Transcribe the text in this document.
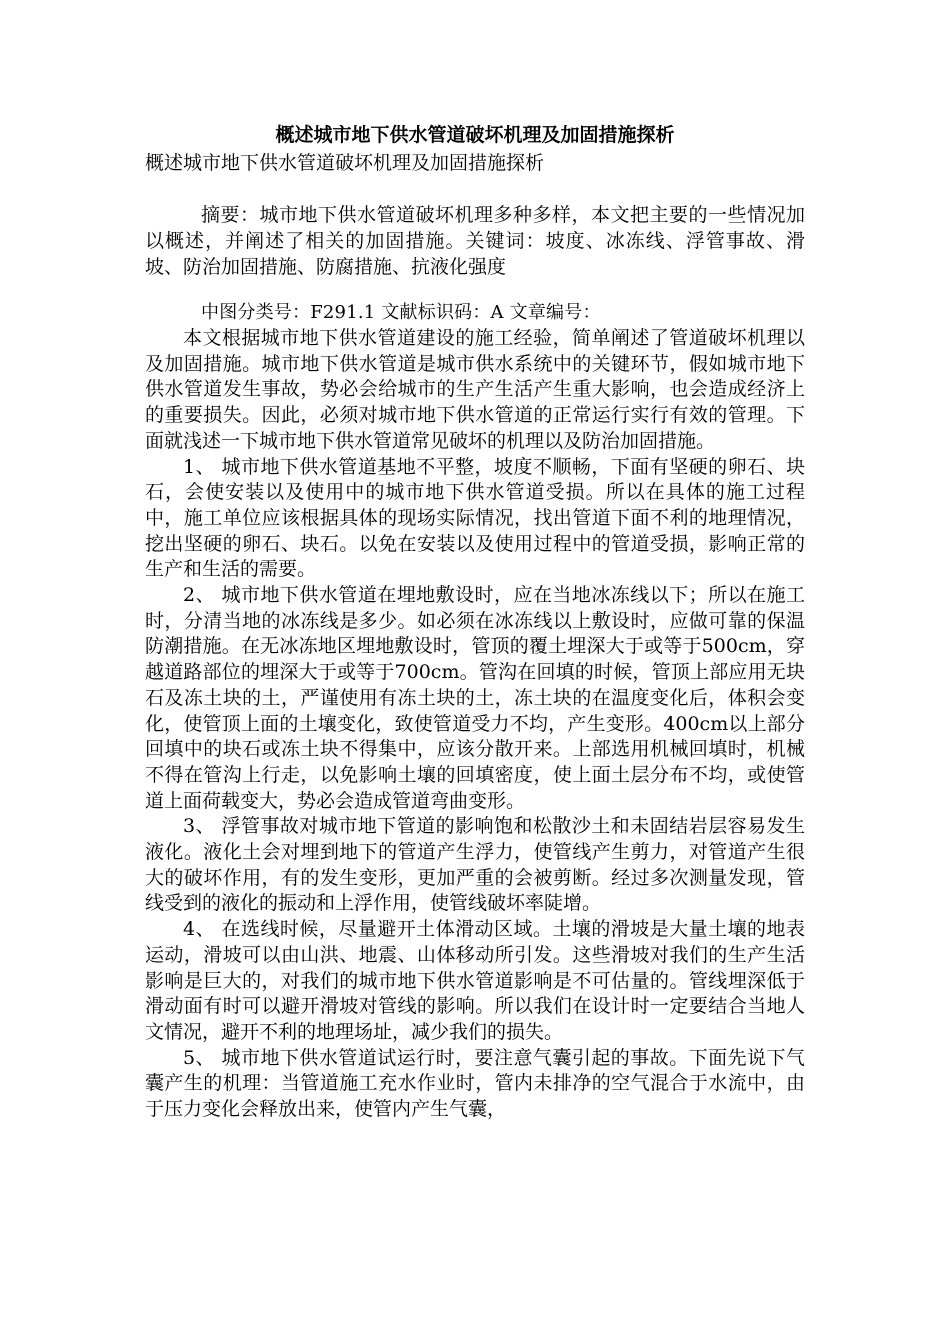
概述城市地下供水管道破坏机理及加固措施探析

概述城市地下供水管道破坏机理及加固措施探析

摘要：城市地下供水管道破坏机理多种多样，本文把主要的一些情况加以概述，并阐述了相关的加固措施。关键词：坡度、冰冻线、浮管事故、滑坡、防治加固措施、防腐措施、抗液化强度

中图分类号：F291.1 文献标识码：A 文章编号：

本文根据城市地下供水管道建设的施工经验，简单阐述了管道破坏机理以及加固措施。城市地下供水管道是城市供水系统中的关键环节，假如城市地下供水管道发生事故，势必会给城市的生产生活产生重大影响，也会造成经济上的重要损失。因此，必须对城市地下供水管道的正常运行实行有效的管理。下面就浅述一下城市地下供水管道常见破坏的机理以及防治加固措施。

1、 城市地下供水管道基地不平整，坡度不顺畅，下面有坚硬的卵石、块石，会使安装以及使用中的城市地下供水管道受损。所以在具体的施工过程中，施工单位应该根据具体的现场实际情况，找出管道下面不利的地理情况，挖出坚硬的卵石、块石。以免在安装以及使用过程中的管道受损，影响正常的生产和生活的需要。

2、 城市地下供水管道在埋地敷设时，应在当地冰冻线以下；所以在施工时，分清当地的冰冻线是多少。如必须在冰冻线以上敷设时，应做可靠的保温防潮措施。在无冰冻地区埋地敷设时，管顶的覆土埋深大于或等于500cm，穿越道路部位的埋深大于或等于700cm。管沟在回填的时候，管顶上部应用无块石及冻土块的土，严谨使用有冻土块的土，冻土块的在温度变化后，体积会变化，使管顶上面的土壤变化，致使管道受力不均，产生变形。400cm以上部分回填中的块石或冻土块不得集中，应该分散开来。上部选用机械回填时，机械不得在管沟上行走，以免影响土壤的回填密度，使上面土层分布不均，或使管道上面荷载变大，势必会造成管道弯曲变形。

3、 浮管事故对城市地下管道的影响饱和松散沙土和未固结岩层容易发生液化。液化土会对埋到地下的管道产生浮力，使管线产生剪力，对管道产生很大的破坏作用，有的发生变形，更加严重的会被剪断。经过多次测量发现，管线受到的液化的振动和上浮作用，使管线破坏率陡增。

4、 在选线时候，尽量避开土体滑动区域。土壤的滑坡是大量土壤的地表运动，滑坡可以由山洪、地震、山体移动所引发。这些滑坡对我们的生产生活影响是巨大的，对我们的城市地下供水管道影响是不可估量的。管线埋深低于滑动面有时可以避开滑坡对管线的影响。所以我们在设计时一定要结合当地人文情况，避开不利的地理场址，减少我们的损失。

5、 城市地下供水管道试运行时，要注意气囊引起的事故。下面先说下气囊产生的机理：当管道施工充水作业时，管内未排净的空气混合于水流中，由于压力变化会释放出来，使管内产生气囊，
